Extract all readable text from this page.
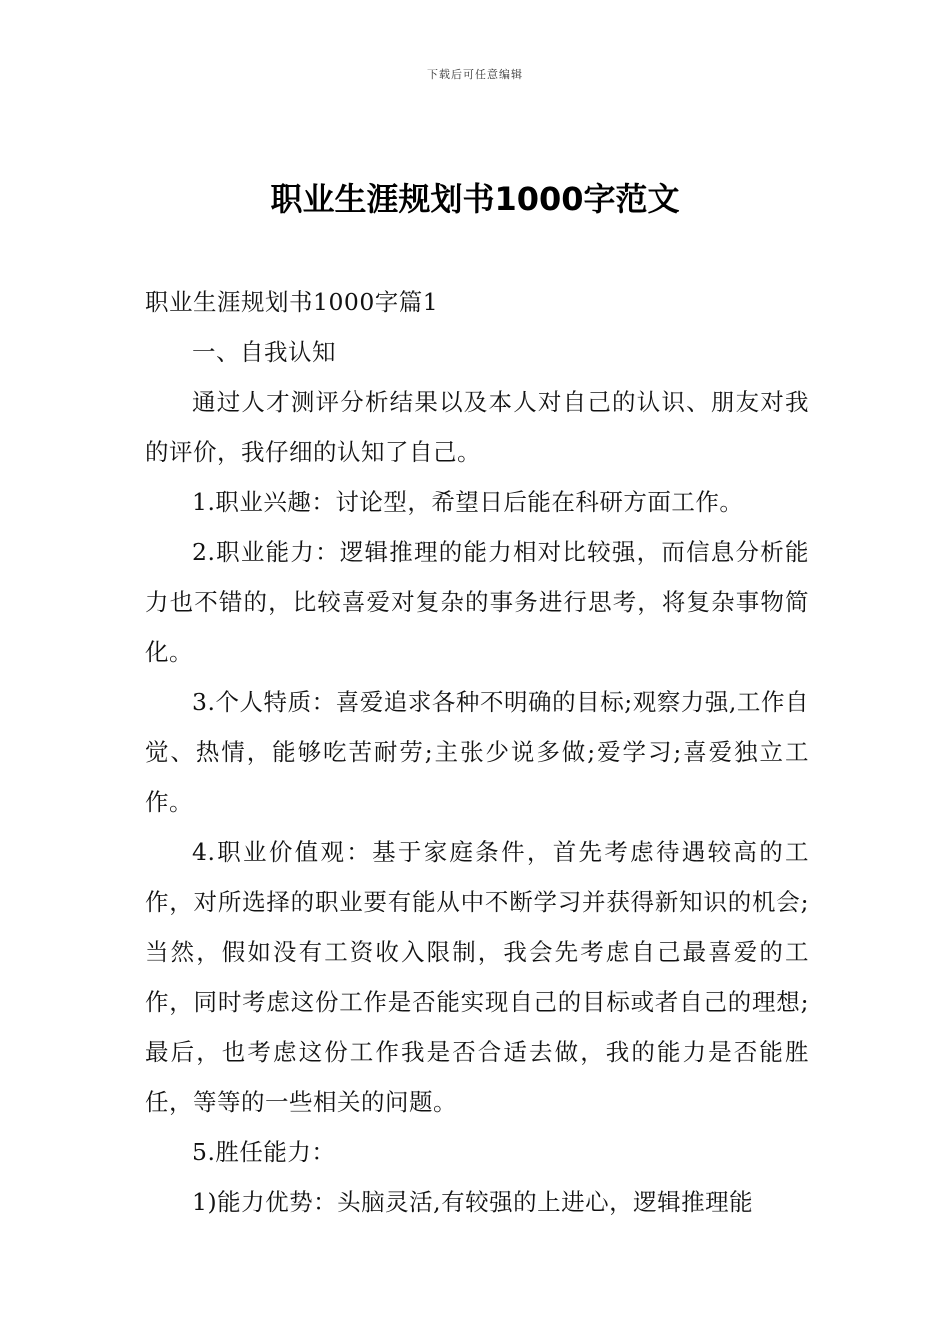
下载后可任意编辑
职业生涯规划书1000字范文

职业生涯规划书1000字篇1

一、自我认知

通过人才测评分析结果以及本人对自己的认识、朋友对我的评价，我仔细的认知了自己。

1.职业兴趣：讨论型，希望日后能在科研方面工作。

2.职业能力：逻辑推理的能力相对比较强，而信息分析能力也不错的，比较喜爱对复杂的事务进行思考，将复杂事物简化。

3.个人特质：喜爱追求各种不明确的目标;观察力强,工作自觉、热情，能够吃苦耐劳;主张少说多做;爱学习;喜爱独立工作。

4.职业价值观：基于家庭条件，首先考虑待遇较高的工作，对所选择的职业要有能从中不断学习并获得新知识的机会;当然，假如没有工资收入限制，我会先考虑自己最喜爱的工作，同时考虑这份工作是否能实现自己的目标或者自己的理想;最后，也考虑这份工作我是否合适去做，我的能力是否能胜任，等等的一些相关的问题。

5.胜任能力：

1)能力优势：头脑灵活,有较强的上进心，逻辑推理能
